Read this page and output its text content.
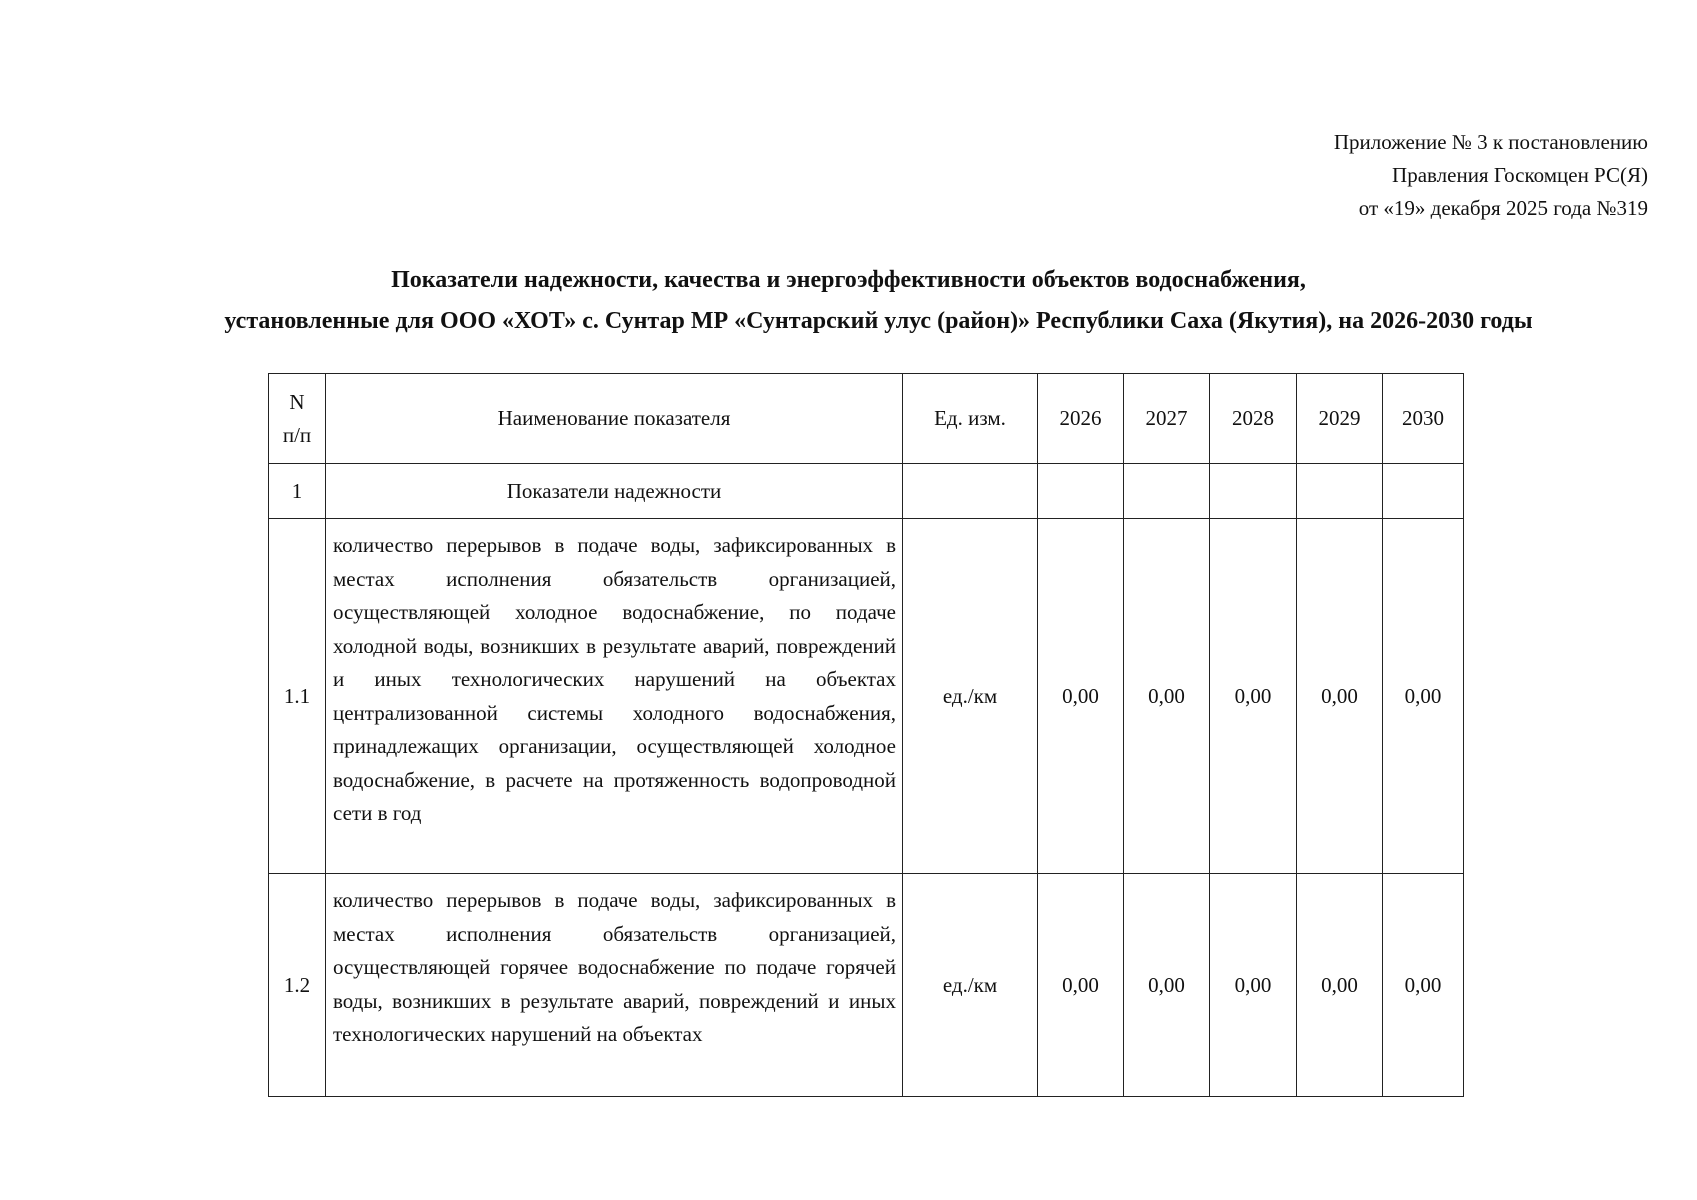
Приложение № 3 к постановлению
Правления Госкомцен РС(Я)
от «19» декабря 2025 года №319
Показатели надежности, качества и энергоэффективности объектов водоснабжения,
установленные для ООО «ХОТ» с. Сунтар МР «Сунтарский улус (район)» Республики Саха (Якутия), на 2026-2030 годы
N
п/п	Наименование показателя	Ед. изм.	2026	2027	2028	2029	2030
1	Показатели надежности						
1.1	количество перерывов в подаче воды, зафиксированных в местах исполнения обязательств организацией, осуществляющей холодное водоснабжение, по подаче холодной воды, возникших в результате аварий, повреждений и иных технологических нарушений на объектах централизованной системы холодного водоснабжения, принадлежащих организации, осуществляющей холодное водоснабжение, в расчете на протяженность водопроводной сети в год	ед./км	0,00	0,00	0,00	0,00	0,00
1.2	количество перерывов в подаче воды, зафиксированных в местах исполнения обязательств организацией, осуществляющей горячее водоснабжение по подаче горячей воды, возникших в результате аварий, повреждений и иных технологических нарушений на объектах	ед./км	0,00	0,00	0,00	0,00	0,00
